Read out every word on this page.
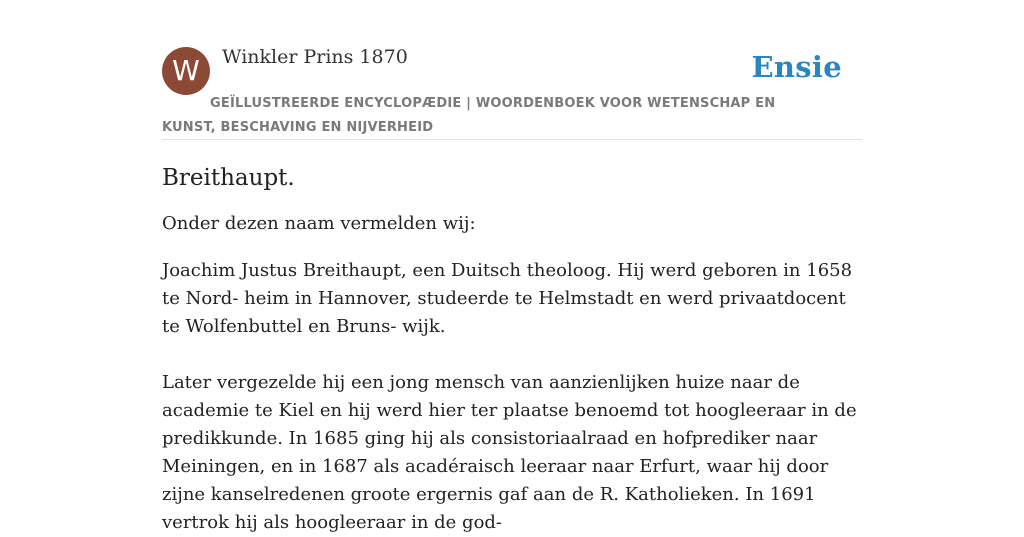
W	Winkler Prins 1870	Ensie
GEÏLLUSTREERDE ENCYCLOPÆDIE | WOORDENBOEK VOOR WETENSCHAP EN KUNST, BESCHAVING EN NIJVERHEID
Breithaupt.

Onder dezen naam vermelden wij:

Joachim Justus Breithaupt, een Duitsch theoloog. Hij werd geboren in 1658 te Nord- heim in Hannover, studeerde te Helmstadt en werd privaatdocent te Wolfenbuttel en Bruns- wijk.

Later vergezelde hij een jong mensch van aanzienlijken huize naar de academie te Kiel en hij werd hier ter plaatse benoemd tot hoogleeraar in de predikkunde. In 1685 ging hij als consistoriaalraad en hofprediker naar Meiningen, en in 1687 als acadéraisch leeraar naar Erfurt, waar hij door zijne kanselredenen groote ergernis gaf aan de R. Katholieken. In 1691 vertrok hij als hoogleeraar in de god-
